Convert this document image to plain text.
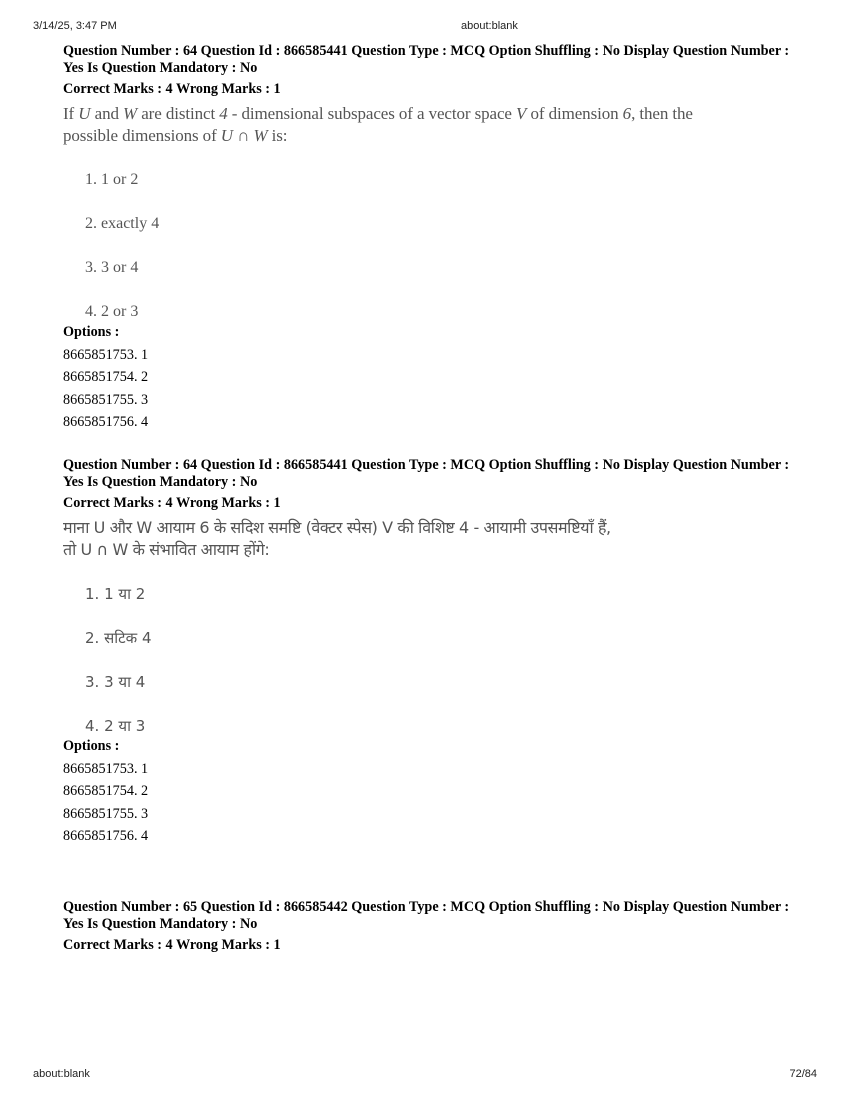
3/14/25, 3:47 PM	about:blank
Question Number : 64 Question Id : 866585441 Question Type : MCQ Option Shuffling : No Display Question Number : Yes Is Question Mandatory : No
Correct Marks : 4 Wrong Marks : 1
If U and W are distinct 4 - dimensional subspaces of a vector space V of dimension 6, then the
possible dimensions of U ∩ W is:
1. 1 or 2
2. exactly 4
3. 3 or 4
4. 2 or 3
Options :
8665851753. 1
8665851754. 2
8665851755. 3
8665851756. 4
Question Number : 64 Question Id : 866585441 Question Type : MCQ Option Shuffling : No Display Question Number : Yes Is Question Mandatory : No
Correct Marks : 4 Wrong Marks : 1
माना U और W आयाम 6 के सदिश समष्टि (वेक्टर स्पेस) V की विशिष्ट 4 - आयामी उपसमष्टियाँ हैं,
तो U ∩ W के संभावित आयाम होंगे:
1. 1 या 2
2. सटिक 4
3. 3 या 4
4. 2 या 3
Options :
8665851753. 1
8665851754. 2
8665851755. 3
8665851756. 4
Question Number : 65 Question Id : 866585442 Question Type : MCQ Option Shuffling : No Display Question Number : Yes Is Question Mandatory : No
Correct Marks : 4 Wrong Marks : 1
about:blank	72/84
